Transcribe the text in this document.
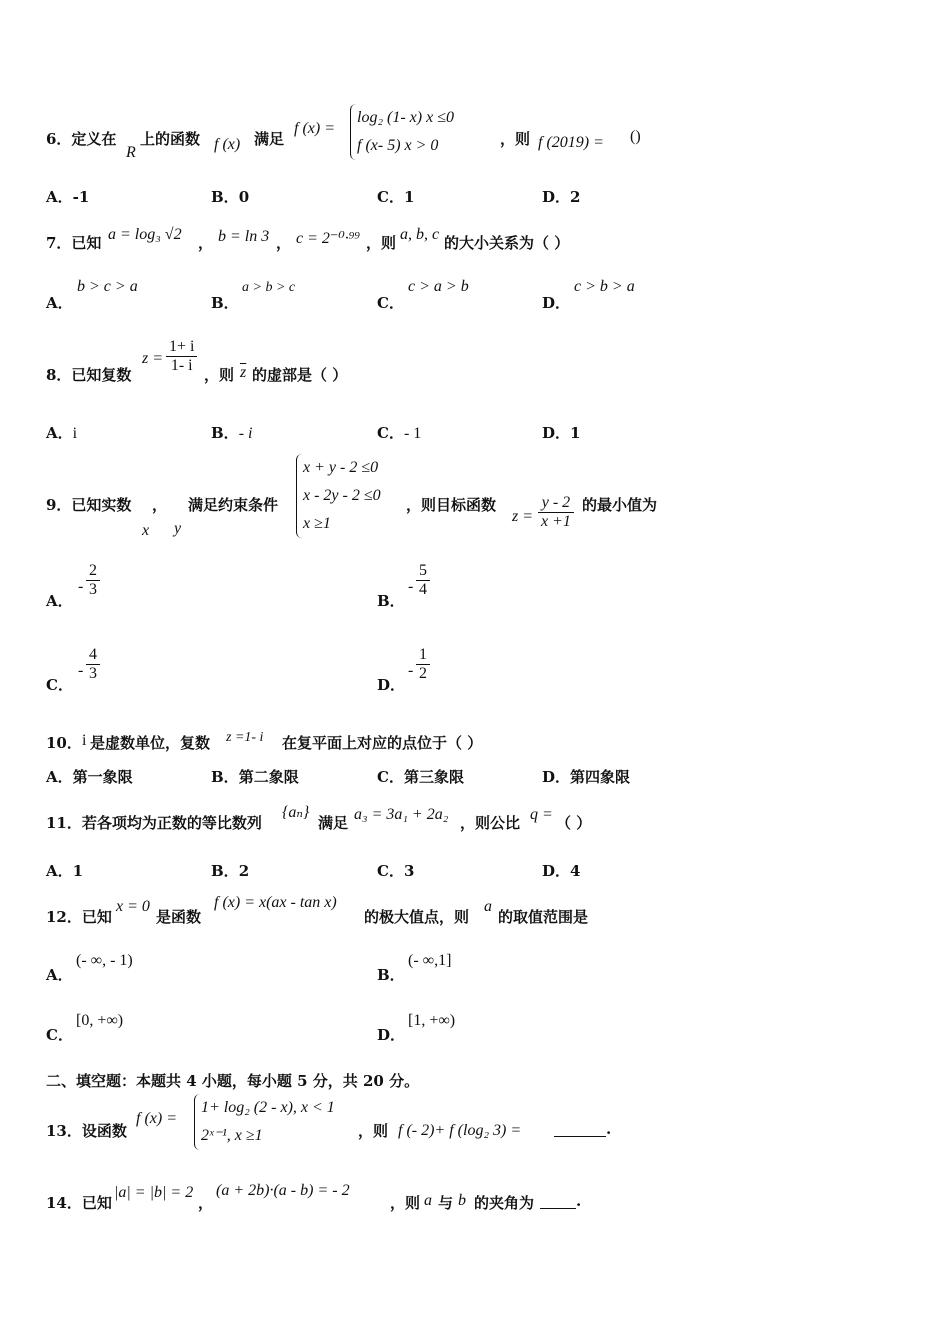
6．定义在
R
上的函数 f (x) 满足
f (x) =
log₂ (1- x) x ≤0
f (x- 5) x > 0	，则 f (2019) = ()
A．-1	B．0	C．1	D．2
7．已知 a = log₃ √2 ， b = ln 3 ， c = 2⁻⁰·⁹⁹ ，则 a, b, c 的大小关系为（ ）
A．
b > c > a
B．
a > b > c
C．
c > a > b
D．
c > b > a
8．已知复数
$z = \frac{1+ i}{1- i}$ ，则 $\overline{z}$ 的虚部是（ ）
A．i	B．- i	C．- 1	D．1
9．已知实数 ， 满足约束条件
x y
x + y - 2 ≤0
x - 2y - 2 ≤0
x ≥1
，则目标函数
$z = \frac{y - 2}{x +1}$ 的最小值为
A．
- $\frac{2}{3}$
B．
- $\frac{5}{4}$
C．
- $\frac{4}{3}$
D．
- $\frac{1}{2}$
10． i 是虚数单位，复数 z =1- i 在复平面上对应的点位于（ ）
A．第一象限	B．第二象限	C．第三象限	D．第四象限
11．若各项均为正数的等比数列
{aₙ}
满足 a₃ = 3a₁ + 2a₂ ，则公比 q = （ ）
A．1	B．2	C．3	D．4
12．已知
x = 0
是函数
f (x) = x(ax - tan x)
的极大值点，则
a
的取值范围是
A．
(- ∞, - 1)
B．
(- ∞,1]
C．
[0, +∞)
D．
[1, +∞)
二、填空题：本题共 4 小题，每小题 5 分，共 20 分。
13．设函数
f (x) =
1+ log₂ (2 - x), x < 1
2ˣ⁻¹, x ≥1	，则 f (- 2)+ f (log₂ 3) =	.
14．已知
|a| = |b| = 2
，
(a + 2b)·(a - b) = - 2
，则 a 与 b 的夹角为	.
